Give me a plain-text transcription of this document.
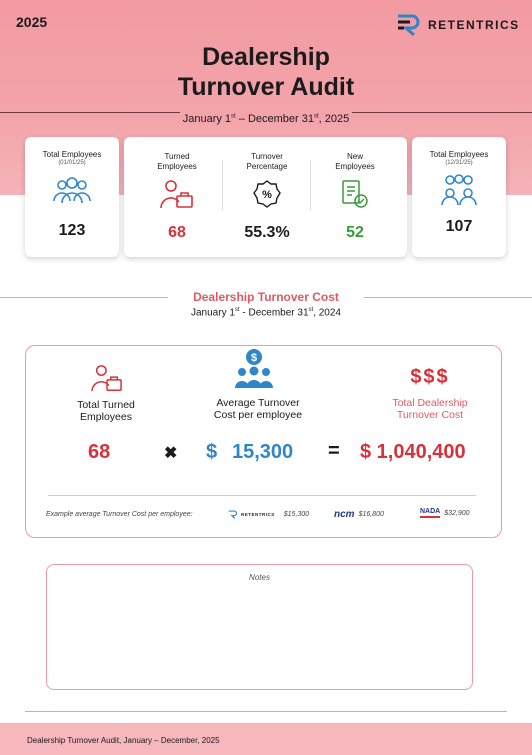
2025	RETENTRICS
Dealership
Turnover Audit
January 1st – December 31st, 2025
Total Employees
(01/01/25)
123
Turned
Employees
68
Turnover
Percentage
%
55.3%
New
Employees
52
Total Employees
(12/31/25)
107
Dealership Turnover Cost
January 1st - December 31st, 2024
Total Turned
Employees
$
Average Turnover
Cost per employee
$$$
Total Dealership
Turnover Cost
68	✖ $ 15,300 = $ 1,040,400
Example average Turnover Cost per employee:	RETENTRICS $15,300 ncm $16,800	NADA $32,900
Notes
Dealership Turnover Audit, January – December, 2025
